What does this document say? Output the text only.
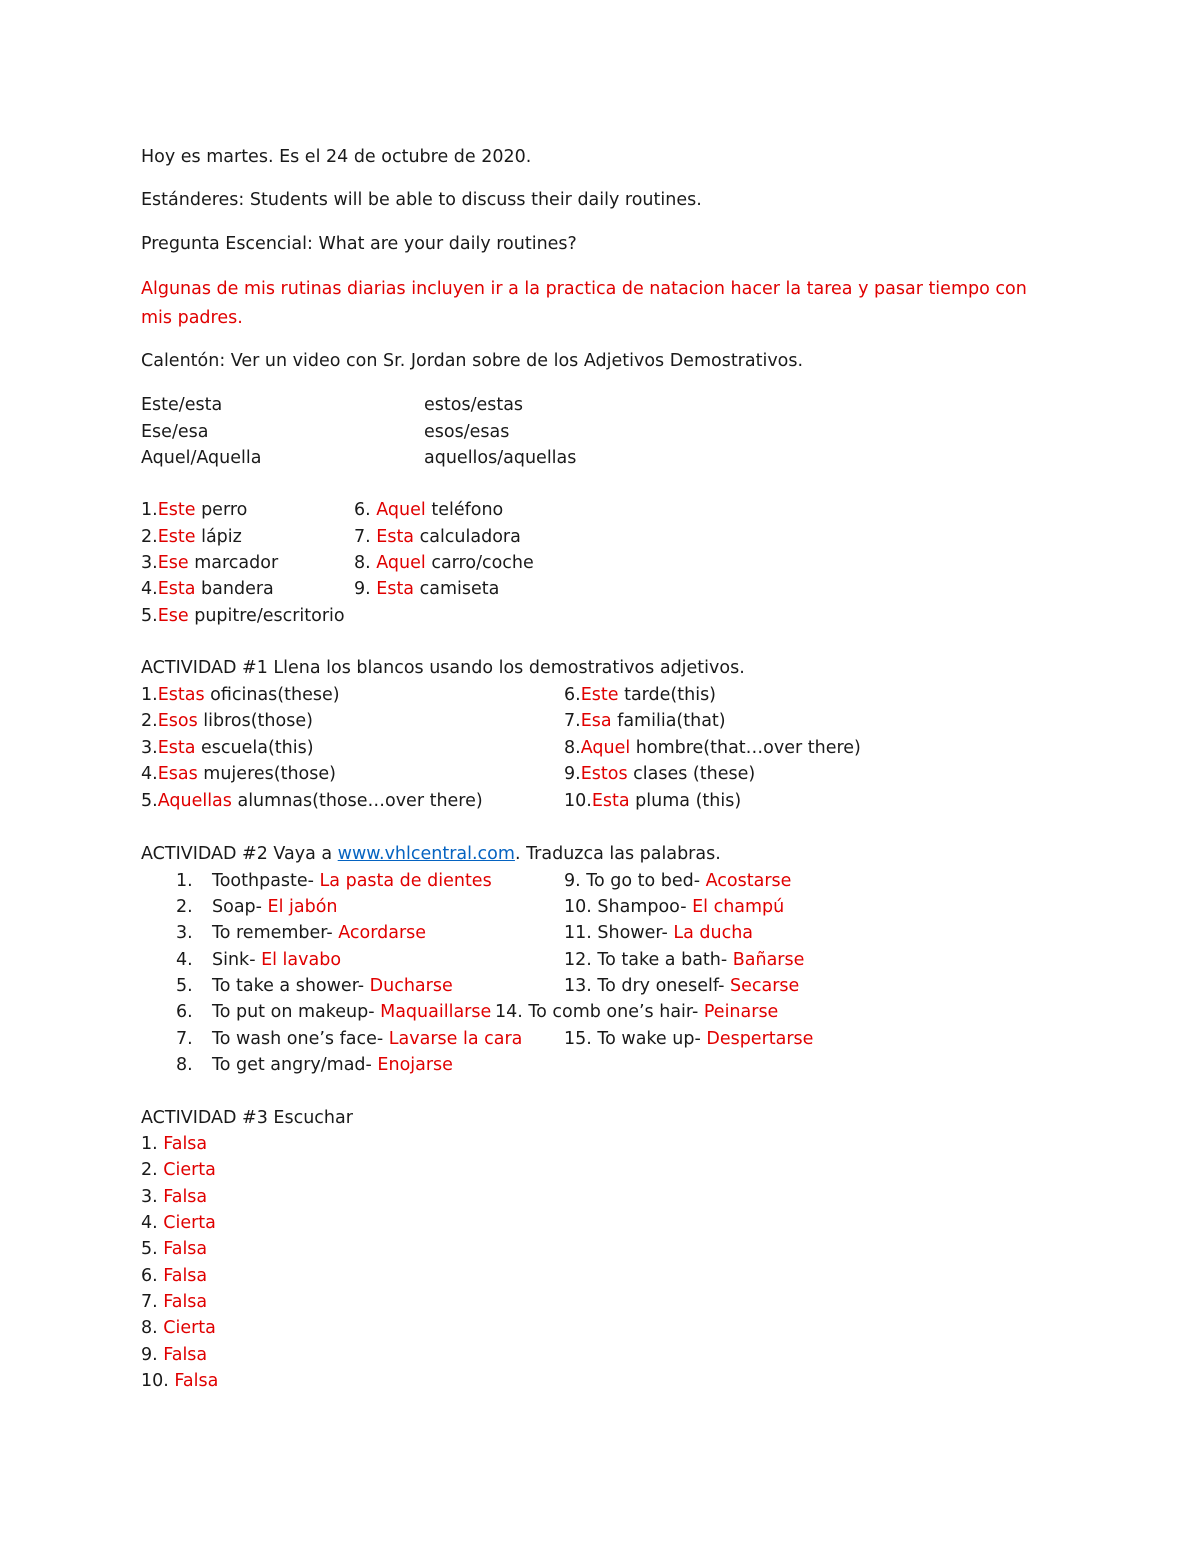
Hoy es martes. Es el 24 de octubre de 2020.
Estánderes: Students will be able to discuss their daily routines.
Pregunta Escencial: What are your daily routines?
Algunas de mis rutinas diarias incluyen ir a la practica de natacion hacer la tarea y pasar tiempo con mis padres.
Calentón: Ver un video con Sr. Jordan sobre de los Adjetivos Demostrativos.
Este/esta	estos/estas
Ese/esa	esos/esas
Aquel/Aquella	aquellos/aquellas
1.Este perro
2.Este lápiz
3.Ese marcador
4.Esta bandera
5.Ese pupitre/escritorio
6. Aquel teléfono
7. Esta calculadora
8. Aquel carro/coche
9. Esta camiseta
ACTIVIDAD #1 Llena los blancos usando los demostrativos adjetivos.
1.Estas oficinas(these)
2.Esos libros(those)
3.Esta escuela(this)
4.Esas mujeres(those)
5.Aquellas alumnas(those…over there)
6.Este tarde(this)
7.Esa familia(that)
8.Aquel hombre(that…over there)
9.Estos clases (these)
10.Esta pluma (this)
ACTIVIDAD #2 Vaya a www.vhlcentral.com. Traduzca las palabras.
1. Toothpaste- La pasta de dientes
2. Soap- El jabón
3. To remember- Acordarse
4. Sink- El lavabo
5. To take a shower- Ducharse
6. To put on makeup- Maquaillarse
7. To wash one’s face- Lavarse la cara
8. To get angry/mad- Enojarse
9. To go to bed- Acostarse
10. Shampoo- El champú
11. Shower- La ducha
12. To take a bath- Bañarse
13. To dry oneself- Secarse
14. To comb one’s hair- Peinarse
15. To wake up- Despertarse
ACTIVIDAD #3 Escuchar
1. Falsa
2. Cierta
3. Falsa
4. Cierta
5. Falsa
6. Falsa
7. Falsa
8. Cierta
9. Falsa
10. Falsa
